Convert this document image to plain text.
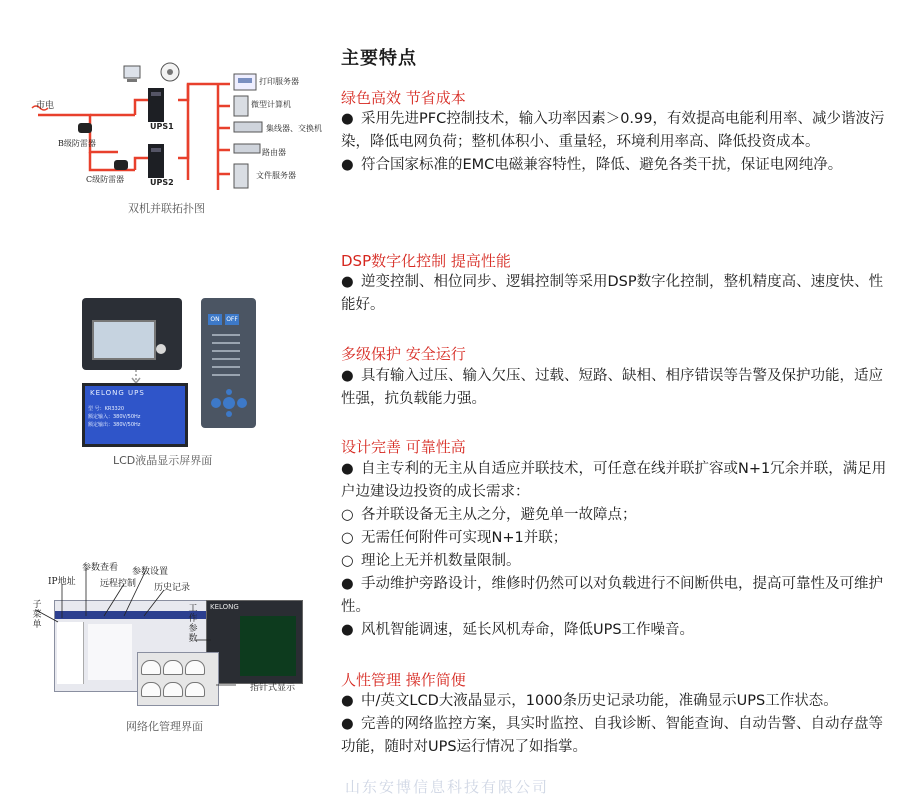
市电
B级防雷器
C级防雷器
UPS1
UPS2
打印服务器
微型计算机
集线器、交换机
路由器
文件服务器
双机并联拓扑图
KELONG UPS
型 号：KR3320
额定输入：380V/50Hz
额定输出：380V/50Hz
ON	OFF
LCD液晶显示屏界面
KELONG
IP地址
参数查看
远程控制
参数设置
历史记录
子菜单
工作参数
指针式显示
网络化管理界面
主要特点
绿色高效 节省成本

● 采用先进PFC控制技术，输入功率因素＞0.99，有效提高电能利用率、减少谐波污染，降低电网负荷；整机体积小、重量轻，环境利用率高、降低投资成本。

● 符合国家标准的EMC电磁兼容特性，降低、避免各类干扰，保证电网纯净。

DSP数字化控制 提高性能

● 逆变控制、相位同步、逻辑控制等采用DSP数字化控制，整机精度高、速度快、性能好。

多级保护 安全运行

● 具有输入过压、输入欠压、过载、短路、缺相、相序错误等告警及保护功能，适应性强，抗负载能力强。

设计完善 可靠性高

● 自主专利的无主从自适应并联技术，可任意在线并联扩容或N+1冗余并联，满足用户边建设边投资的成长需求：

○ 各并联设备无主从之分，避免单一故障点；

○ 无需任何附件可实现N+1并联；

○ 理论上无并机数量限制。

● 手动维护旁路设计，维修时仍然可以对负载进行不间断供电，提高可靠性及可维护性。

● 风机智能调速，延长风机寿命，降低UPS工作噪音。

人性管理 操作简便

● 中/英文LCD大液晶显示，1000条历史记录功能，准确显示UPS工作状态。

● 完善的网络监控方案，具实时监控、自我诊断、智能查询、自动告警、自动存盘等功能，随时对UPS运行情况了如指掌。

山东安博信息科技有限公司
